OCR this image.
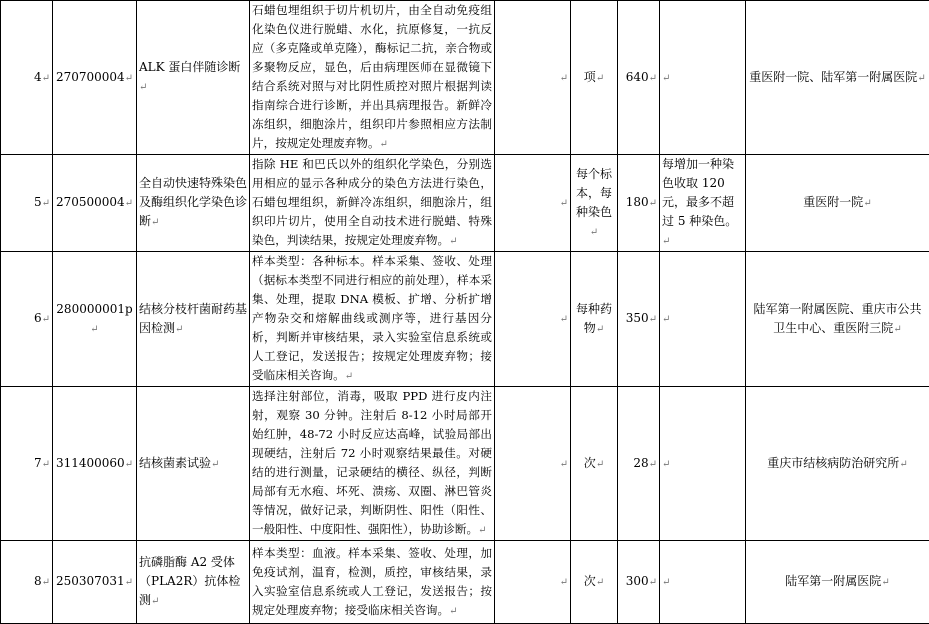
4↵	270700004↵	ALK 蛋白伴随诊断↵	石蜡包埋组织于切片机切片，由全自动免疫组化染色仪进行脱蜡、水化，抗原修复，一抗反应（多克隆或单克隆），酶标记二抗，亲合物或多聚物反应，显色，后由病理医师在显微镜下结合系统对照与对比阴性质控对照片根据判读指南综合进行诊断，并出具病理报告。新鲜冷冻组织，细胞涂片，组织印片参照相应方法制片，按规定处理废弃物。↵	↵	项↵	640↵	↵	重医附一院、陆军第一附属医院↵
5↵	270500004↵	全自动快速特殊染色及酶组织化学染色诊断↵	指除 HE 和巴氏以外的组织化学染色，分别选用相应的显示各种成分的染色方法进行染色，石蜡包埋组织，新鲜冷冻组织，细胞涂片，组织印片切片，使用全自动技术进行脱蜡、特殊染色，判读结果，按规定处理废弃物。↵	↵	每个标本，每种染色↵	180↵	每增加一种染色收取 120 元，最多不超过 5 种染色。↵	重医附一院↵
6↵	280000001p↵	结核分枝杆菌耐药基因检测↵	样本类型：各种标本。样本采集、签收、处理（据标本类型不同进行相应的前处理），样本采集、处理，提取 DNA 模板、扩增、分析扩增产物杂交和熔解曲线或测序等，进行基因分析，判断并审核结果，录入实验室信息系统或人工登记，发送报告；按规定处理废弃物；接受临床相关咨询。↵	↵	每种药物↵	350↵	↵	陆军第一附属医院、重庆市公共卫生中心、重医附三院↵
7↵	311400060↵	结核菌素试验↵	选择注射部位，消毒，吸取 PPD 进行皮内注射，观察 30 分钟。注射后 8-12 小时局部开始红肿，48-72 小时反应达高峰，试验局部出现硬结，注射后 72 小时观察结果最佳。对硬结的进行测量，记录硬结的横径、纵径，判断局部有无水疱、坏死、溃疡、双圈、淋巴管炎等情况，做好记录，判断阴性、阳性（阳性、一般阳性、中度阳性、强阳性），协助诊断。↵	↵	次↵	28↵	↵	重庆市结核病防治研究所↵
8↵	250307031↵	抗磷脂酶 A2 受体（PLA2R）抗体检测↵	样本类型：血液。样本采集、签收、处理，加免疫试剂，温育，检测，质控，审核结果，录入实验室信息系统或人工登记，发送报告；按规定处理废弃物；接受临床相关咨询。↵	↵	次↵	300↵	↵	陆军第一附属医院↵
